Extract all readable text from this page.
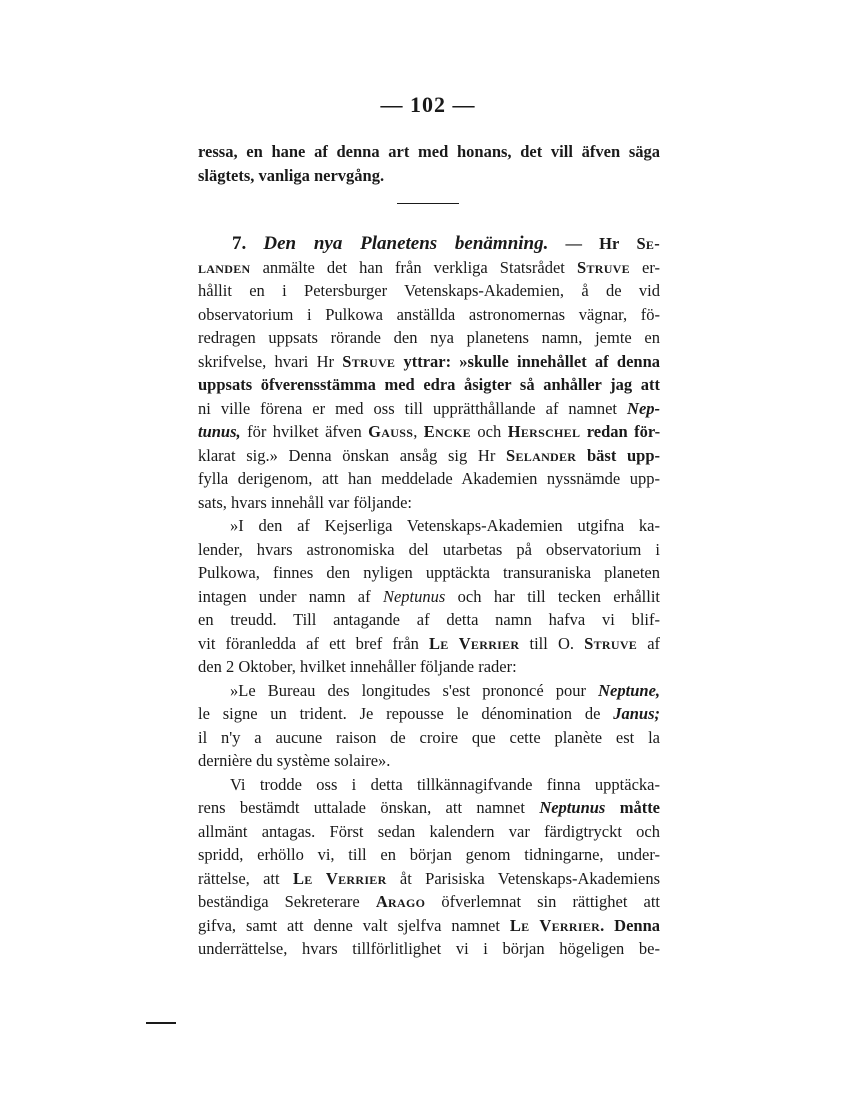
— 102 —
ressa, en hane af denna art med honans, det vill äfven säga
slägtets, vanliga nervgång.
7. Den nya Planetens benämning. — Hr Se-
landen anmälte det han från verkliga Statsrådet Struve er-
hållit en i Petersburger Vetenskaps-Akademien, å de vid
observatorium i Pulkowa anställda astronomernas vägnar, fö-
redragen uppsats rörande den nya planetens namn, jemte en
skrifvelse, hvari Hr Struve yttrar: »skulle innehållet af denna
uppsats öfverensstämma med edra åsigter så anhåller jag att
ni ville förena er med oss till upprätthållande af namnet Nep-
tunus, för hvilket äfven Gauss, Encke och Herschel redan för-
klarat sig.» Denna önskan ansåg sig Hr Selander bäst upp-
fylla derigenom, att han meddelade Akademien nyssnämde upp-
sats, hvars innehåll var följande:
»I den af Kejserliga Vetenskaps-Akademien utgifna ka-
lender, hvars astronomiska del utarbetas på observatorium i
Pulkowa, finnes den nyligen upptäckta transuraniska planeten
intagen under namn af Neptunus och har till tecken erhållit
en treudd. Till antagande af detta namn hafva vi blif-
vit föranledda af ett bref från Le Verrier till O. Struve af
den 2 Oktober, hvilket innehåller följande rader:
»Le Bureau des longitudes s'est prononcé pour Neptune,
le signe un trident. Je repousse le dénomination de Janus;
il n'y a aucune raison de croire que cette planète est la
dernière du système solaire».
Vi trodde oss i detta tillkännagifvande finna upptäcka-
rens bestämdt uttalade önskan, att namnet Neptunus måtte
allmänt antagas. Först sedan kalendern var färdigtryckt och
spridd, erhöllo vi, till en början genom tidningarne, under-
rättelse, att Le Verrier åt Parisiska Vetenskaps-Akademiens
beständiga Sekreterare Arago öfverlemnat sin rättighet att
gifva, samt att denne valt sjelfva namnet Le Verrier. Denna
underrättelse, hvars tillförlitlighet vi i början högeligen be-
